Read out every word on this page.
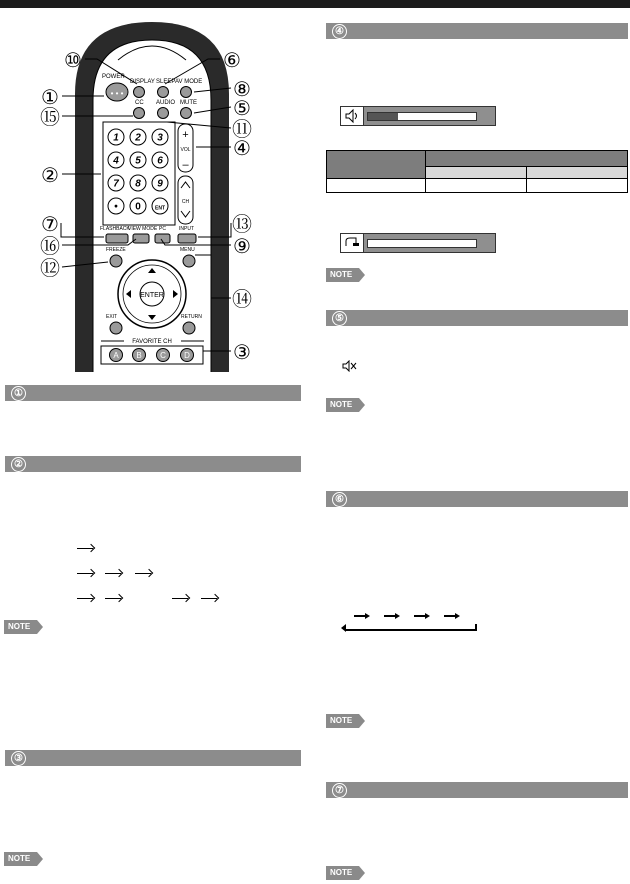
• • •
POWER
DISPLAY SLEEP AV MODE
CC AUDIO MUTE
1 2 3
4 5 6
7 8 9
• 0	ENT
+
VOL
–
CH
FLASHBACK
VIEW MODE PC	INPUT
FREEZE	MENU
ENTER
EXIT	RETURN
FAVORITE CH
A B C D
⑩	⑥
①	⑧
⑮	⑤
⑪
④
②
⑦	⑬
⑯	⑨
⑫
⑭
③
①
②
NOTE
③
NOTE
④

NOTE
⑤
NOTE
⑥
NOTE
⑦
NOTE
